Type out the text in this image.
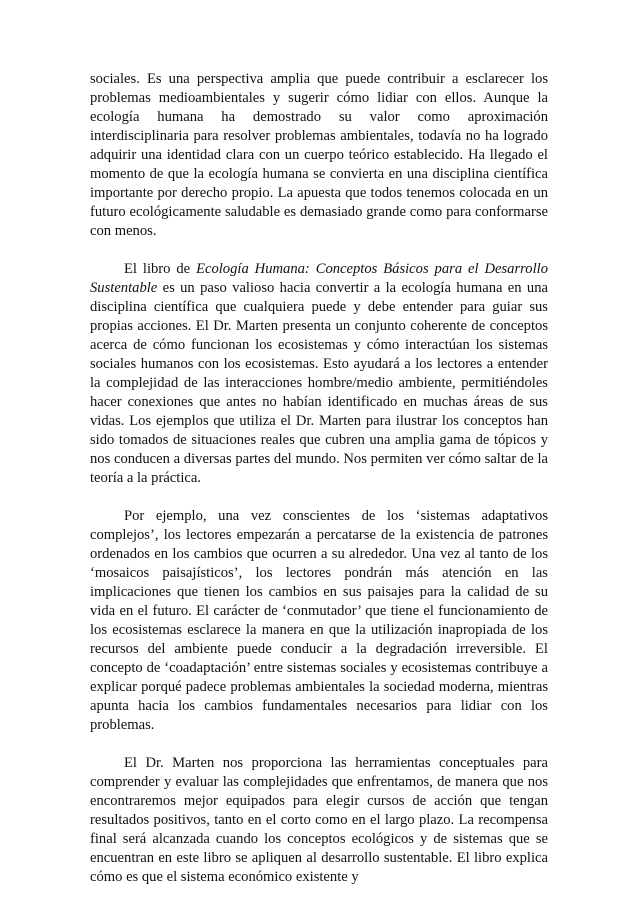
sociales. Es una perspectiva amplia que puede contribuir a esclarecer los problemas medioambientales y sugerir cómo lidiar con ellos. Aunque la ecología humana ha demostrado su valor como aproximación interdisciplinaria para resolver problemas ambientales, todavía no ha logrado adquirir una identidad clara con un cuerpo teórico establecido. Ha llegado el momento de que la ecología humana se convierta en una disciplina científica importante por derecho propio. La apuesta que todos tenemos colocada en un futuro ecológicamente saludable es demasiado grande como para conformarse con menos.

El libro de Ecología Humana: Conceptos Básicos para el Desarrollo Sustentable es un paso valioso hacia convertir a la ecología humana en una disciplina científica que cualquiera puede y debe entender para guiar sus propias acciones. El Dr. Marten presenta un conjunto coherente de conceptos acerca de cómo funcionan los ecosistemas y cómo interactúan los sistemas sociales humanos con los ecosistemas. Esto ayudará a los lectores a entender la complejidad de las interacciones hombre/medio ambiente, permitiéndoles hacer conexiones que antes no habían identificado en muchas áreas de sus vidas. Los ejemplos que utiliza el Dr. Marten para ilustrar los conceptos han sido tomados de situaciones reales que cubren una amplia gama de tópicos y nos conducen a diversas partes del mundo. Nos permiten ver cómo saltar de la teoría a la práctica.

Por ejemplo, una vez conscientes de los ‘sistemas adaptativos complejos’, los lectores empezarán a percatarse de la existencia de patrones ordenados en los cambios que ocurren a su alrededor. Una vez al tanto de los ‘mosaicos paisajísticos’, los lectores pondrán más atención en las implicaciones que tienen los cambios en sus paisajes para la calidad de su vida en el futuro. El carácter de ‘conmutador’ que tiene el funcionamiento de los ecosistemas esclarece la manera en que la utilización inapropiada de los recursos del ambiente puede conducir a la degradación irreversible. El concepto de ‘coadaptación’ entre sistemas sociales y ecosistemas contribuye a explicar porqué padece problemas ambientales la sociedad moderna, mientras apunta hacia los cambios fundamentales necesarios para lidiar con los problemas.

El Dr. Marten nos proporciona las herramientas conceptuales para comprender y evaluar las complejidades que enfrentamos, de manera que nos encontraremos mejor equipados para elegir cursos de acción que tengan resultados positivos, tanto en el corto como en el largo plazo. La recompensa final será alcanzada cuando los conceptos ecológicos y de sistemas que se encuentran en este libro se apliquen al desarrollo sustentable. El libro explica cómo es que el sistema económico existente y
